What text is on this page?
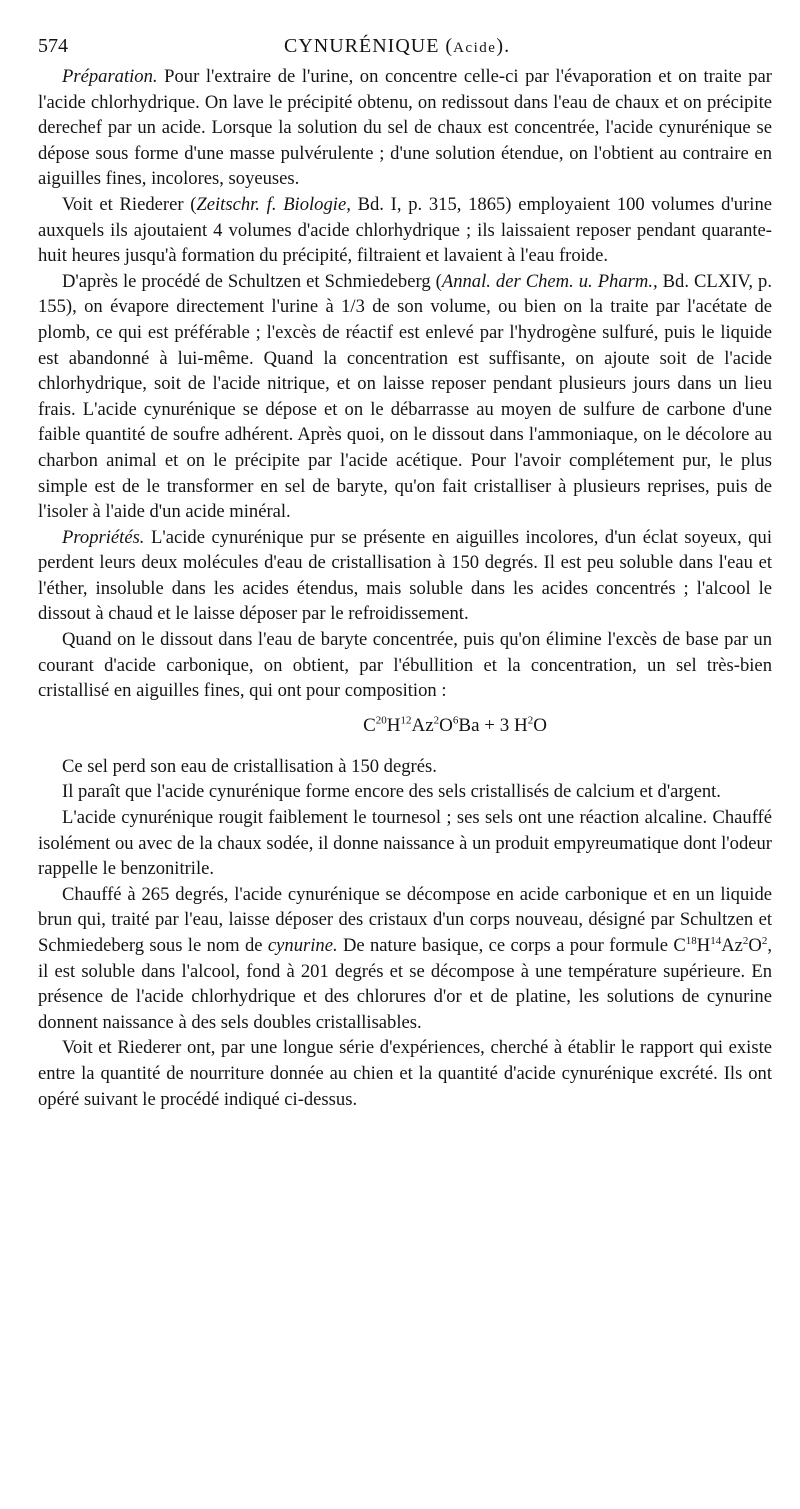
574	CYNURÉNIQUE (Acide).

Préparation. Pour l'extraire de l'urine, on concentre celle-ci par l'évaporation et on traite par l'acide chlorhydrique. On lave le précipité obtenu, on redissout dans l'eau de chaux et on précipite derechef par un acide. Lorsque la solution du sel de chaux est concentrée, l'acide cynurénique se dépose sous forme d'une masse pulvérulente ; d'une solution étendue, on l'obtient au contraire en aiguilles fines, incolores, soyeuses.

Voit et Riederer (Zeitschr. f. Biologie, Bd. I, p. 315, 1865) employaient 100 volumes d'urine auxquels ils ajoutaient 4 volumes d'acide chlorhydrique ; ils laissaient reposer pendant quarante-huit heures jusqu'à formation du précipité, filtraient et lavaient à l'eau froide.

D'après le procédé de Schultzen et Schmiedeberg (Annal. der Chem. u. Pharm., Bd. CLXIV, p. 155), on évapore directement l'urine à 1/3 de son volume, ou bien on la traite par l'acétate de plomb, ce qui est préférable ; l'excès de réactif est enlevé par l'hydrogène sulfuré, puis le liquide est abandonné à lui-même. Quand la concentration est suffisante, on ajoute soit de l'acide chlorhydrique, soit de l'acide nitrique, et on laisse reposer pendant plusieurs jours dans un lieu frais. L'acide cynurénique se dépose et on le débarrasse au moyen de sulfure de carbone d'une faible quantité de soufre adhérent. Après quoi, on le dissout dans l'ammoniaque, on le décolore au charbon animal et on le précipite par l'acide acétique. Pour l'avoir complétement pur, le plus simple est de le transformer en sel de baryte, qu'on fait cristalliser à plusieurs reprises, puis de l'isoler à l'aide d'un acide minéral.

Propriétés. L'acide cynurénique pur se présente en aiguilles incolores, d'un éclat soyeux, qui perdent leurs deux molécules d'eau de cristallisation à 150 degrés. Il est peu soluble dans l'eau et l'éther, insoluble dans les acides étendus, mais soluble dans les acides concentrés ; l'alcool le dissout à chaud et le laisse déposer par le refroidissement.

Quand on le dissout dans l'eau de baryte concentrée, puis qu'on élimine l'excès de base par un courant d'acide carbonique, on obtient, par l'ébullition et la concentration, un sel très-bien cristallisé en aiguilles fines, qui ont pour composition :

$C^{20}H^{12}Az^2O^6Ba + 3$ $H^2O$

Ce sel perd son eau de cristallisation à 150 degrés.

Il paraît que l'acide cynurénique forme encore des sels cristallisés de calcium et d'argent.

L'acide cynurénique rougit faiblement le tournesol ; ses sels ont une réaction alcaline. Chauffé isolément ou avec de la chaux sodée, il donne naissance à un produit empyreumatique dont l'odeur rappelle le benzonitrile.

Chauffé à 265 degrés, l'acide cynurénique se décompose en acide carbonique et en un liquide brun qui, traité par l'eau, laisse déposer des cristaux d'un corps nouveau, désigné par Schultzen et Schmiedeberg sous le nom de cynurine. De nature basique, ce corps a pour formule $C^{18}H^{14}Az^2O^2$, il est soluble dans l'alcool, fond à 201 degrés et se décompose à une température supérieure. En présence de l'acide chlorhydrique et des chlorures d'or et de platine, les solutions de cynurine donnent naissance à des sels doubles cristallisables.

Voit et Riederer ont, par une longue série d'expériences, cherché à établir le rapport qui existe entre la quantité de nourriture donnée au chien et la quantité d'acide cynurénique excrété. Ils ont opéré suivant le procédé indiqué ci-dessus.
